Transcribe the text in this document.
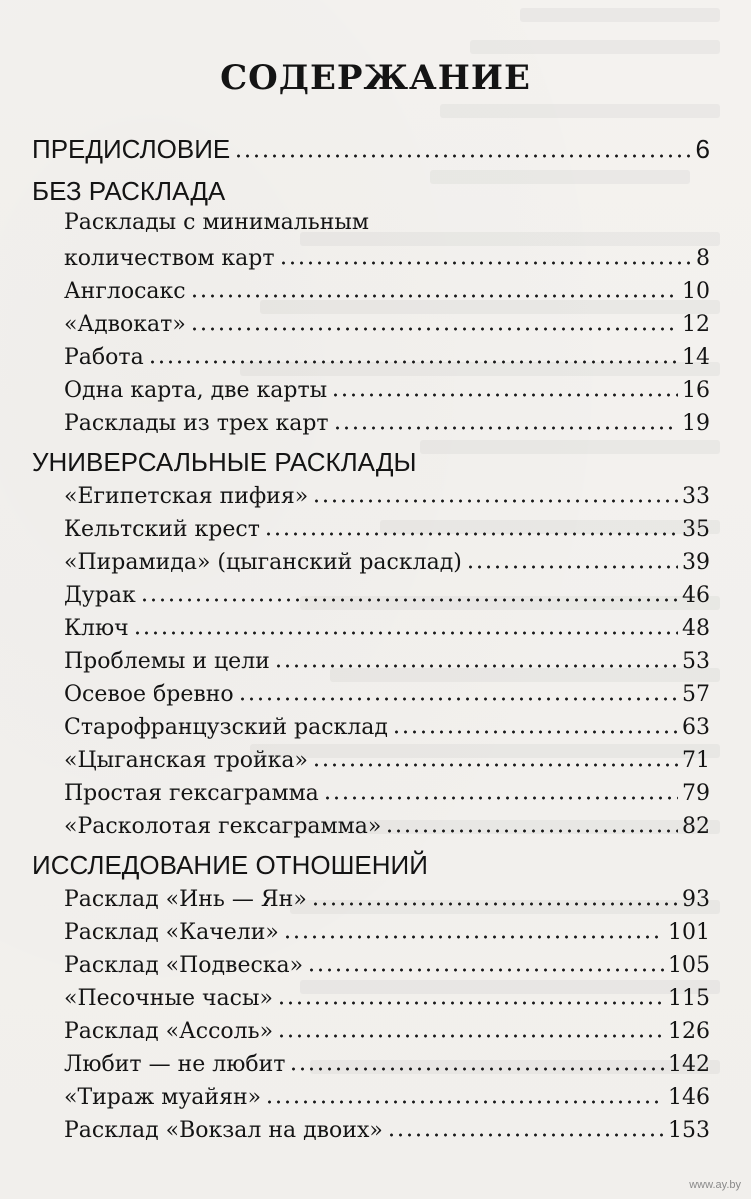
СОДЕРЖАНИЕ
ПРЕДИСЛОВИЕ	6
БЕЗ РАСКЛАДА
Расклады с минимальным
количеством карт	8
Англосакс	10
«Адвокат»	12
Работа	14
Одна карта, две карты	16
Расклады из трех карт	19
УНИВЕРСАЛЬНЫЕ РАСКЛАДЫ
«Египетская пифия»	33
Кельтский крест	35
«Пирамида» (цыганский расклад)	39
Дурак	46
Ключ	48
Проблемы и цели	53
Осевое бревно	57
Старофранцузский расклад	63
«Цыганская тройка»	71
Простая гексаграмма	79
«Расколотая гексаграмма»	82
ИССЛЕДОВАНИЕ ОТНОШЕНИЙ
Расклад «Инь — Ян»	93
Расклад «Качели»	101
Расклад «Подвеска»	105
«Песочные часы»	115
Расклад «Ассоль»	126
Любит — не любит	142
«Тираж муайян»	146
Расклад «Вокзал на двоих»	153
www.ay.by
